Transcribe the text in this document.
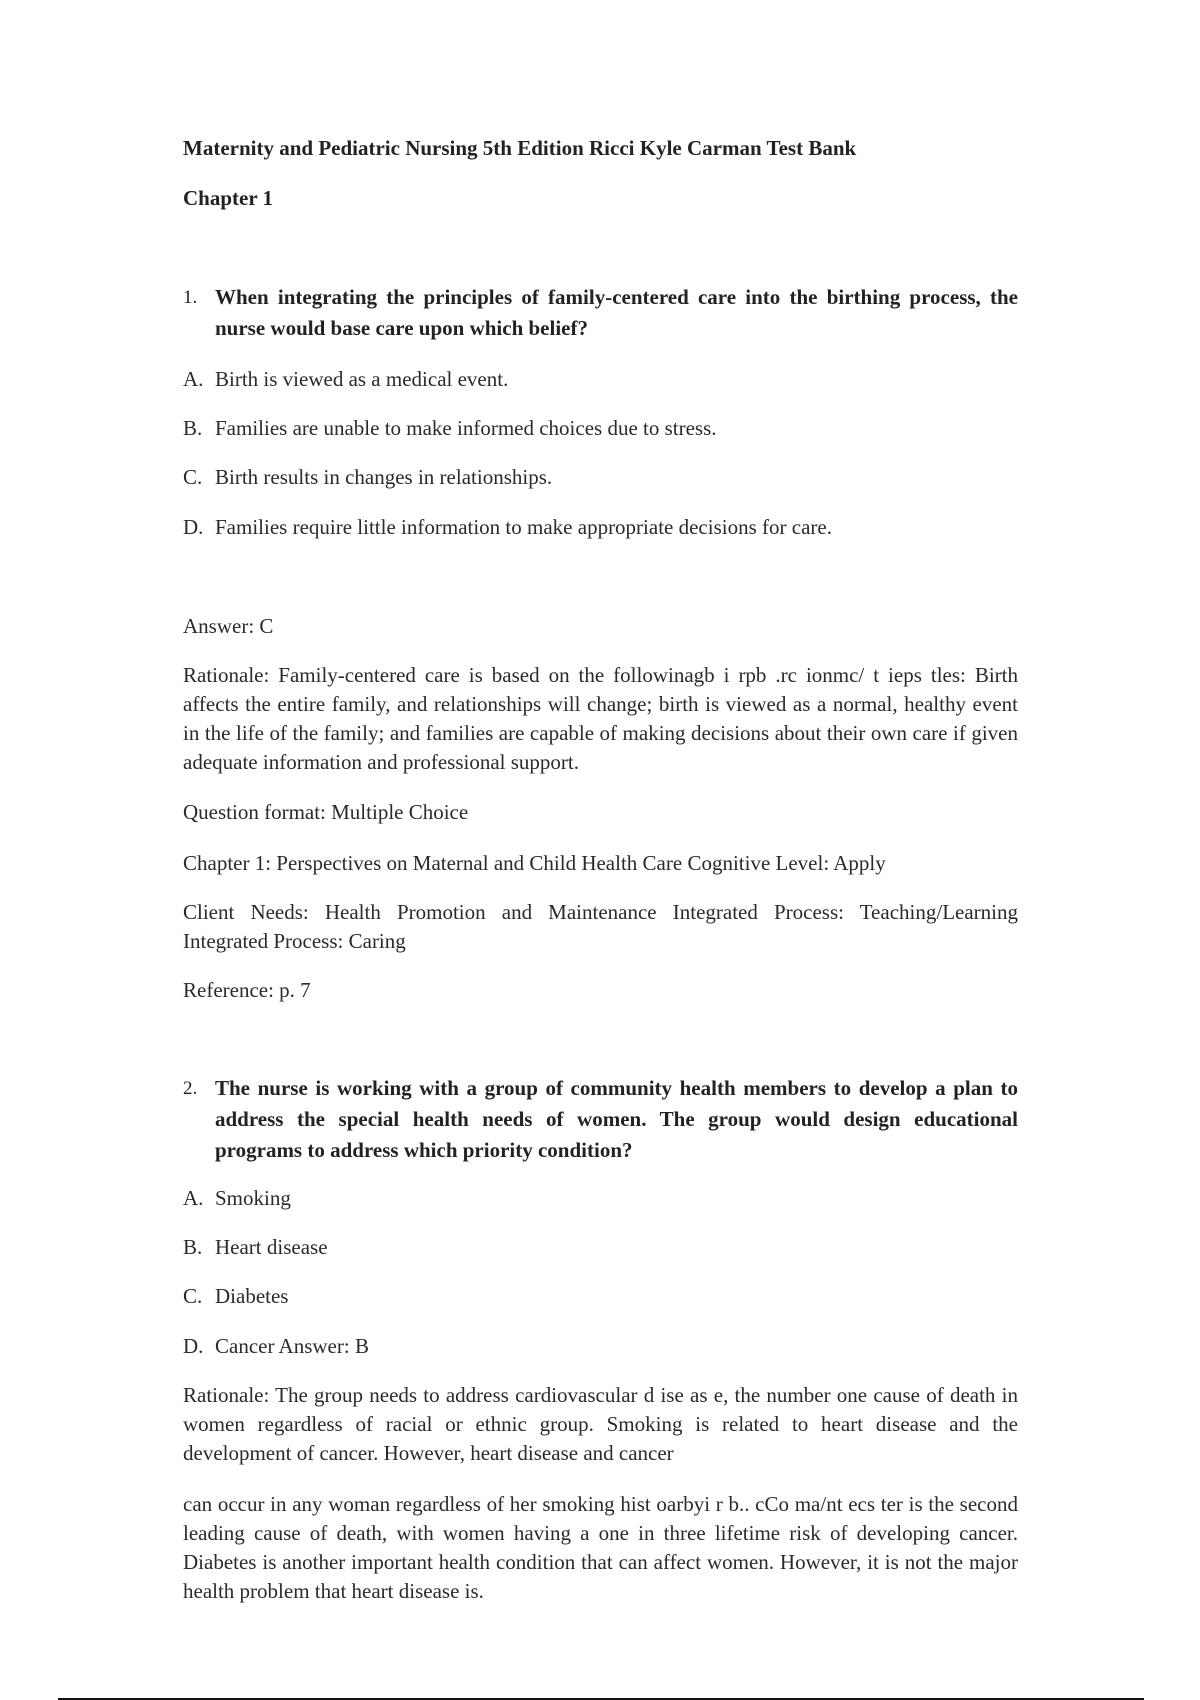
Maternity and Pediatric Nursing 5th Edition Ricci Kyle Carman Test Bank
Chapter 1
1. When integrating the principles of family-centered care into the birthing process, the nurse would base care upon which belief?
A. Birth is viewed as a medical event.
B. Families are unable to make informed choices due to stress.
C. Birth results in changes in relationships.
D. Families require little information to make appropriate decisions for care.
Answer: C
Rationale: Family-centered care is based on the followinagb i rpb .rc ionmc/ t ieps tles: Birth affects the entire family, and relationships will change; birth is viewed as a normal, healthy event in the life of the family; and families are capable of making decisions about their own care if given adequate information and professional support.
Question format: Multiple Choice
Chapter 1: Perspectives on Maternal and Child Health Care Cognitive Level: Apply
Client Needs: Health Promotion and Maintenance Integrated Process: Teaching/Learning Integrated Process: Caring
Reference: p. 7
2. The nurse is working with a group of community health members to develop a plan to address the special health needs of women. The group would design educational programs to address which priority condition?
A. Smoking
B. Heart disease
C. Diabetes
D. Cancer Answer: B
Rationale: The group needs to address cardiovascular d ise as e, the number one cause of death in women regardless of racial or ethnic group. Smoking is related to heart disease and the development of cancer. However, heart disease and cancer
can occur in any woman regardless of her smoking hist oarbyi r b.. cCo ma/nt ecs ter is the second leading cause of death, with women having a one in three lifetime risk of developing cancer. Diabetes is another important health condition that can affect women. However, it is not the major health problem that heart disease is.
